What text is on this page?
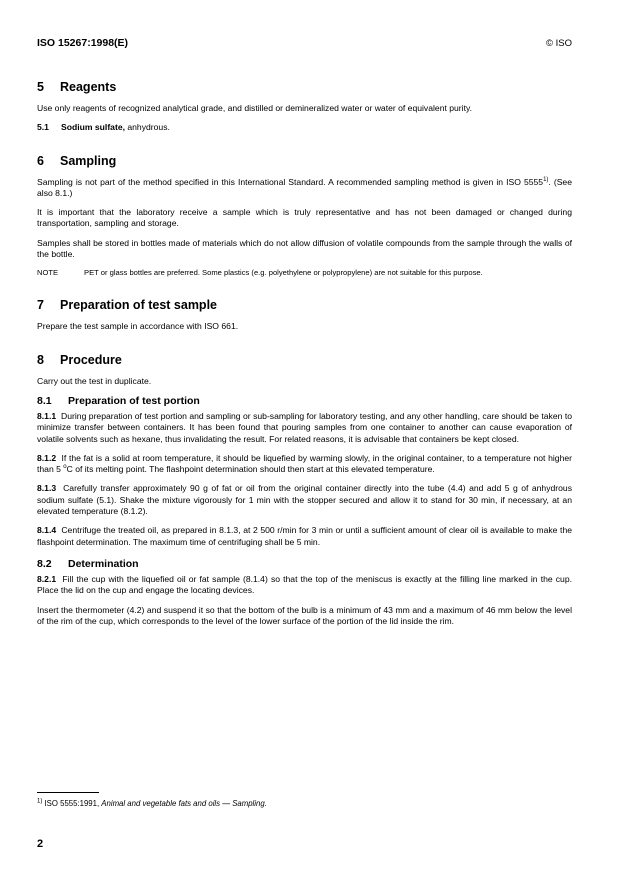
ISO 15267:1998(E)	© ISO
5 Reagents

Use only reagents of recognized analytical grade, and distilled or demineralized water or water of equivalent purity.

5.1 Sodium sulfate, anhydrous.

6 Sampling

Sampling is not part of the method specified in this International Standard. A recommended sampling method is given in ISO 5555$^{1)}$. (See also 8.1.)

It is important that the laboratory receive a sample which is truly representative and has not been damaged or changed during transportation, sampling and storage.

Samples shall be stored in bottles made of materials which do not allow diffusion of volatile compounds from the sample through the walls of the bottle.

NOTE	PET or glass bottles are preferred. Some plastics (e.g. polyethylene or polypropylene) are not suitable for this purpose.

7 Preparation of test sample

Prepare the test sample in accordance with ISO 661.

8 Procedure

Carry out the test in duplicate.

8.1 Preparation of test portion

8.1.1 During preparation of test portion and sampling or sub-sampling for laboratory testing, and any other handling, care should be taken to minimize transfer between containers. It has been found that pouring samples from one container to another can cause evaporation of volatile solvents such as hexane, thus invalidating the result. For related reasons, it is advisable that containers be kept closed.

8.1.2 If the fat is a solid at room temperature, it should be liquefied by warming slowly, in the original container, to a temperature not higher than 5 $^o$C of its melting point. The flashpoint determination should then start at this elevated temperature.

8.1.3 Carefully transfer approximately 90 g of fat or oil from the original container directly into the tube (4.4) and add 5 g of anhydrous sodium sulfate (5.1). Shake the mixture vigorously for 1 min with the stopper secured and allow it to stand for 30 min, if necessary, at an elevated temperature (8.1.2).

8.1.4 Centrifuge the treated oil, as prepared in 8.1.3, at 2 500 r/min for 3 min or until a sufficient amount of clear oil is available to make the flashpoint determination. The maximum time of centrifuging shall be 5 min.

8.2 Determination

8.2.1 Fill the cup with the liquefied oil or fat sample (8.1.4) so that the top of the meniscus is exactly at the filling line marked in the cup. Place the lid on the cup and engage the locating devices.

Insert the thermometer (4.2) and suspend it so that the bottom of the bulb is a minimum of 43 mm and a maximum of 46 mm below the level of the rim of the cup, which corresponds to the level of the lower surface of the portion of the lid inside the rim.

$^{1)}$ ISO 5555:1991, Animal and vegetable fats and oils — Sampling.
2
